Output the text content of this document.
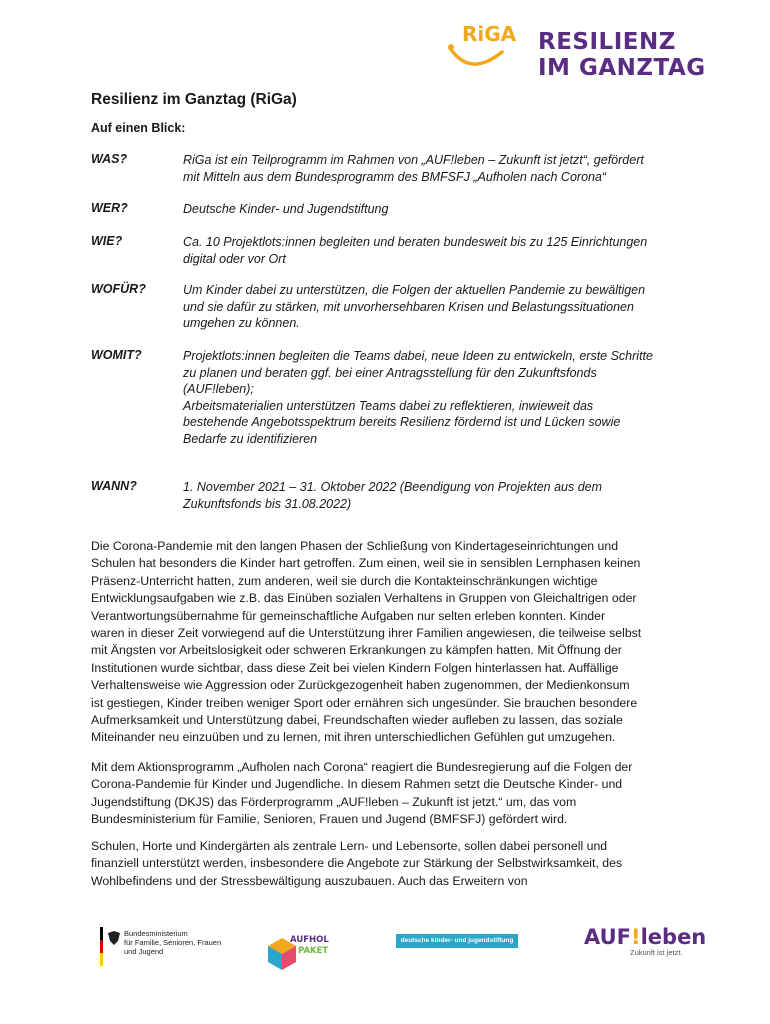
RiGA RESILIENZ
IM GANZTAG
Resilienz im Ganztag (RiGa)
Auf einen Blick:
WAS?	RiGa ist ein Teilprogramm im Rahmen von „AUF!leben – Zukunft ist jetzt“, gefördert
mit Mitteln aus dem Bundesprogramm des BMFSFJ „Aufholen nach Corona“
WER?	Deutsche Kinder- und Jugendstiftung
WIE?	Ca. 10 Projektlots:innen begleiten und beraten bundesweit bis zu 125 Einrichtungen
digital oder vor Ort
WOFÜR?	Um Kinder dabei zu unterstützen, die Folgen der aktuellen Pandemie zu bewältigen
und sie dafür zu stärken, mit unvorhersehbaren Krisen und Belastungssituationen
umgehen zu können.
WOMIT?	Projektlots:innen begleiten die Teams dabei, neue Ideen zu entwickeln, erste Schritte
zu planen und beraten ggf. bei einer Antragsstellung für den Zukunftsfonds
(AUF!leben);
Arbeitsmaterialien unterstützen Teams dabei zu reflektieren, inwieweit das
bestehende Angebotsspektrum bereits Resilienz fördernd ist und Lücken sowie
Bedarfe zu identifizieren
WANN?	1. November 2021 – 31. Oktober 2022 (Beendigung von Projekten aus dem
Zukunftsfonds bis 31.08.2022)
Die Corona-Pandemie mit den langen Phasen der Schließung von Kindertageseinrichtungen und
Schulen hat besonders die Kinder hart getroffen. Zum einen, weil sie in sensiblen Lernphasen keinen
Präsenz-Unterricht hatten, zum anderen, weil sie durch die Kontakteinschränkungen wichtige
Entwicklungsaufgaben wie z.B. das Einüben sozialen Verhaltens in Gruppen von Gleichaltrigen oder
Verantwortungsübernahme für gemeinschaftliche Aufgaben nur selten erleben konnten. Kinder
waren in dieser Zeit vorwiegend auf die Unterstützung ihrer Familien angewiesen, die teilweise selbst
mit Ängsten vor Arbeitslosigkeit oder schweren Erkrankungen zu kämpfen hatten. Mit Öffnung der
Institutionen wurde sichtbar, dass diese Zeit bei vielen Kindern Folgen hinterlassen hat. Auffällige
Verhaltensweise wie Aggression oder Zurückgezogenheit haben zugenommen, der Medienkonsum
ist gestiegen, Kinder treiben weniger Sport oder ernähren sich ungesünder. Sie brauchen besondere
Aufmerksamkeit und Unterstützung dabei, Freundschaften wieder aufleben zu lassen, das soziale
Miteinander neu einzuüben und zu lernen, mit ihren unterschiedlichen Gefühlen gut umzugehen.
Mit dem Aktionsprogramm „Aufholen nach Corona“ reagiert die Bundesregierung auf die Folgen der
Corona-Pandemie für Kinder und Jugendliche. In diesem Rahmen setzt die Deutsche Kinder- und
Jugendstiftung (DKJS) das Förderprogramm „AUF!leben – Zukunft ist jetzt.“ um, das vom
Bundesministerium für Familie, Senioren, Frauen und Jugend (BMFSFJ) gefördert wird.
Schulen, Horte und Kindergärten als zentrale Lern- und Lebensorte, sollen dabei personell und
finanziell unterstützt werden, insbesondere die Angebote zur Stärkung der Selbstwirksamkeit, des
Wohlbefindens und der Stressbewältigung auszubauen. Auch das Erweitern von
Bundesministerium
für Familie, Senioren, Frauen
und Jugend
AUFHOL
PAKET
deutsche kinder- und jugendstiftung	AUF!leben
Zukunft ist jetzt.
